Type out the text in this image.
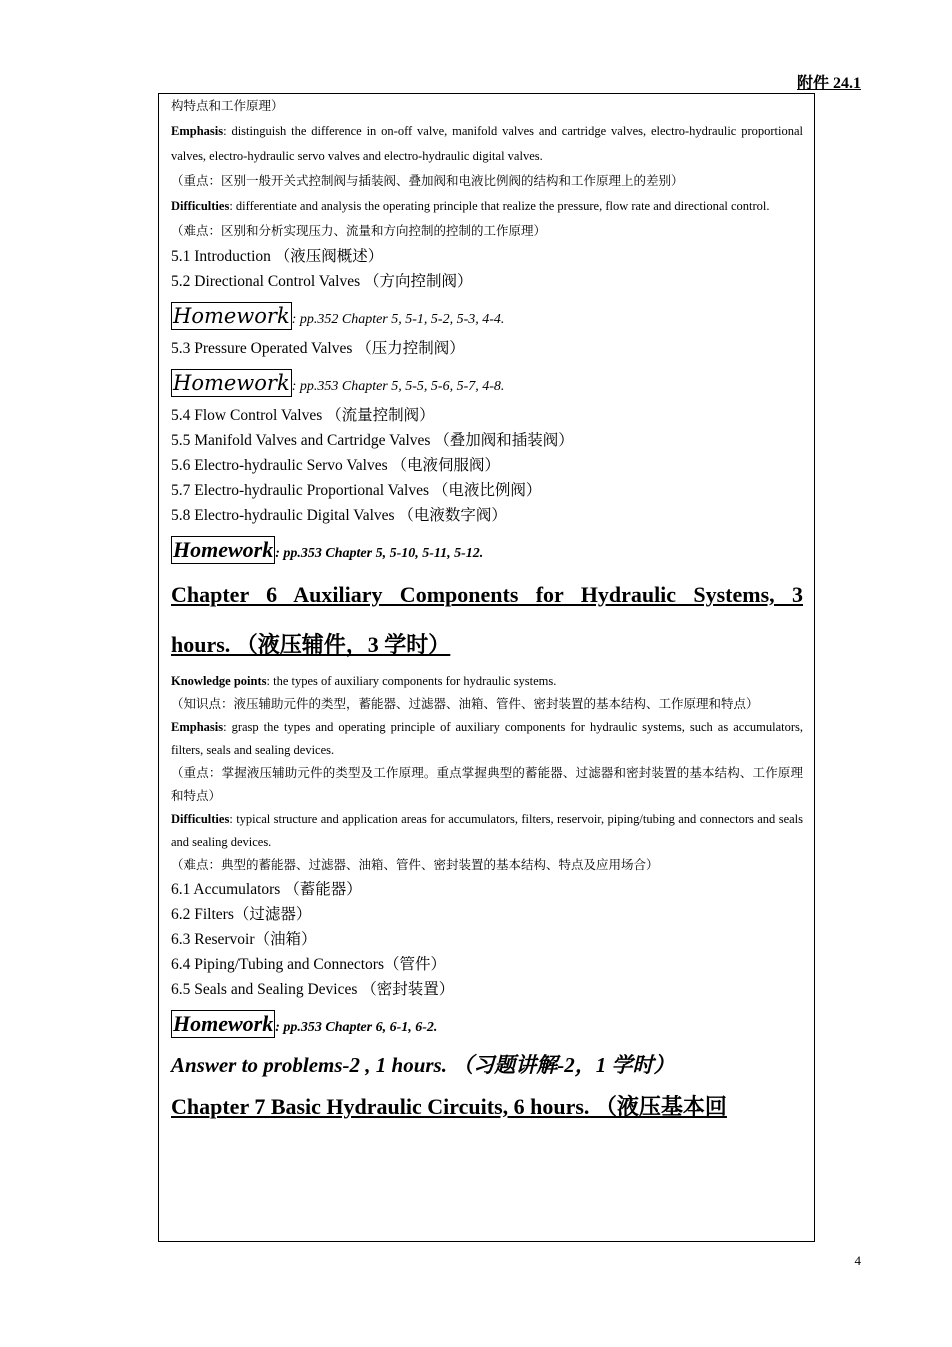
附件 24.1
构特点和工作原理）
Emphasis: distinguish the difference in on-off valve, manifold valves and cartridge valves, electro-hydraulic proportional valves, electro-hydraulic servo valves and electro-hydraulic digital valves.
（重点：区别一般开关式控制阀与插装阀、叠加阀和电液比例阀的结构和工作原理上的差别）
Difficulties: differentiate and analysis the operating principle that realize the pressure, flow rate and directional control.
（难点：区别和分析实现压力、流量和方向控制的控制的工作原理）
5.1 Introduction （液压阀概述）
5.2 Directional Control Valves （方向控制阀）
Homework : pp.352 Chapter 5, 5-1, 5-2, 5-3, 4-4.
5.3 Pressure Operated Valves （压力控制阀）
Homework : pp.353 Chapter 5, 5-5, 5-6, 5-7, 4-8.
5.4 Flow Control Valves （流量控制阀）
5.5 Manifold Valves and Cartridge Valves （叠加阀和插装阀）
5.6 Electro-hydraulic Servo Valves （电液伺服阀）
5.7 Electro-hydraulic Proportional Valves （电液比例阀）
5.8 Electro-hydraulic Digital Valves （电液数字阀）
Homework : pp.353 Chapter 5, 5-10, 5-11, 5-12.
Chapter 6 Auxiliary Components for Hydraulic Systems, 3
hours. （液压辅件，3 学时）
Knowledge points: the types of auxiliary components for hydraulic systems.
（知识点：液压辅助元件的类型，蓄能器、过滤器、油箱、管件、密封装置的基本结构、工作原理和特点）
Emphasis: grasp the types and operating principle of auxiliary components for hydraulic systems, such as accumulators, filters, seals and sealing devices.
（重点：掌握液压辅助元件的类型及工作原理。重点掌握典型的蓄能器、过滤器和密封装置的基本结构、工作原理和特点）
Difficulties: typical structure and application areas for accumulators, filters, reservoir, piping/tubing and connectors and seals and sealing devices.
（难点：典型的蓄能器、过滤器、油箱、管件、密封装置的基本结构、特点及应用场合）
6.1 Accumulators （蓄能器）
6.2 Filters（过滤器）
6.3 Reservoir（油箱）
6.4 Piping/Tubing and Connectors（管件）
6.5 Seals and Sealing Devices （密封装置）
Homework : pp.353 Chapter 6, 6-1, 6-2.
Answer to problems-2 , 1 hours. （习题讲解-2，1 学时）
Chapter 7 Basic Hydraulic Circuits, 6 hours. （液压基本回
4
